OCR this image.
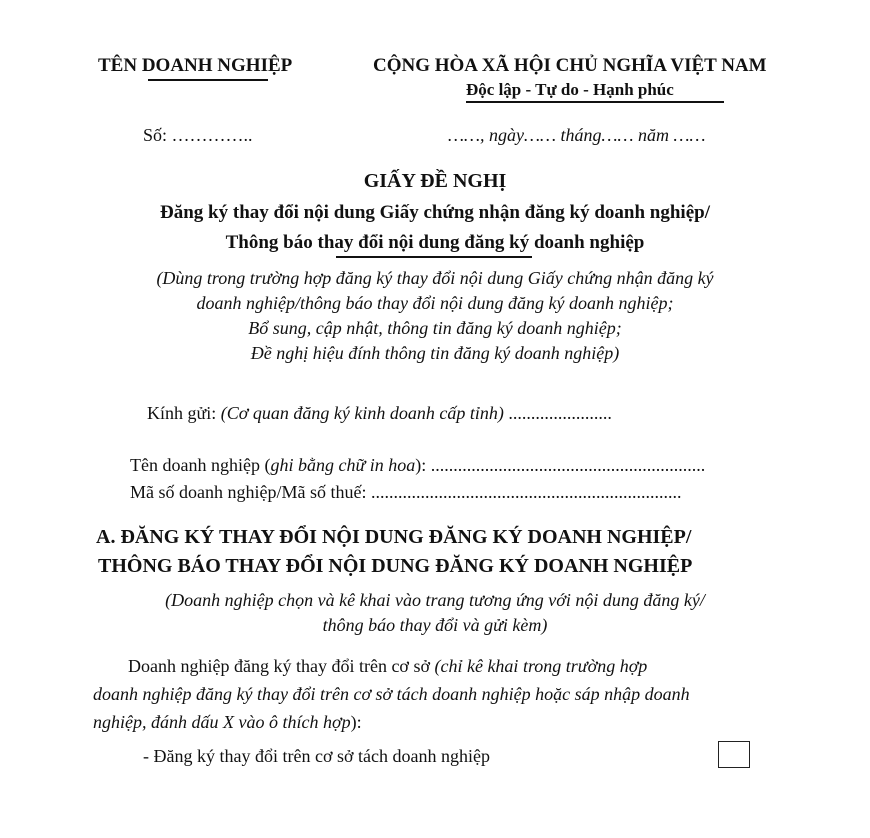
TÊN DOANH NGHIỆP	CỘNG HÒA XÃ HỘI CHỦ NGHĨA VIỆT NAM
Độc lập - Tự do - Hạnh phúc
Số: …………..	……, ngày…… tháng…… năm ……
GIẤY ĐỀ NGHỊ
Đăng ký thay đổi nội dung Giấy chứng nhận đăng ký doanh nghiệp/
Thông báo thay đổi nội dung đăng ký doanh nghiệp
(Dùng trong trường hợp đăng ký thay đổi nội dung Giấy chứng nhận đăng ký
doanh nghiệp/thông báo thay đổi nội dung đăng ký doanh nghiệp;
Bổ sung, cập nhật, thông tin đăng ký doanh nghiệp;
Đề nghị hiệu đính thông tin đăng ký doanh nghiệp)
Kính gửi: (Cơ quan đăng ký kinh doanh cấp tỉnh) .......................
Tên doanh nghiệp (ghi bằng chữ in hoa): .............................................................
Mã số doanh nghiệp/Mã số thuế: .....................................................................
A. ĐĂNG KÝ THAY ĐỔI NỘI DUNG ĐĂNG KÝ DOANH NGHIỆP/
THÔNG BÁO THAY ĐỔI NỘI DUNG ĐĂNG KÝ DOANH NGHIỆP
(Doanh nghiệp chọn và kê khai vào trang tương ứng với nội dung đăng ký/
thông báo thay đổi và gửi kèm)
Doanh nghiệp đăng ký thay đổi trên cơ sở (chỉ kê khai trong trường hợp
doanh nghiệp đăng ký thay đổi trên cơ sở tách doanh nghiệp hoặc sáp nhập doanh
nghiệp, đánh dấu X vào ô thích hợp):
- Đăng ký thay đổi trên cơ sở tách doanh nghiệp
